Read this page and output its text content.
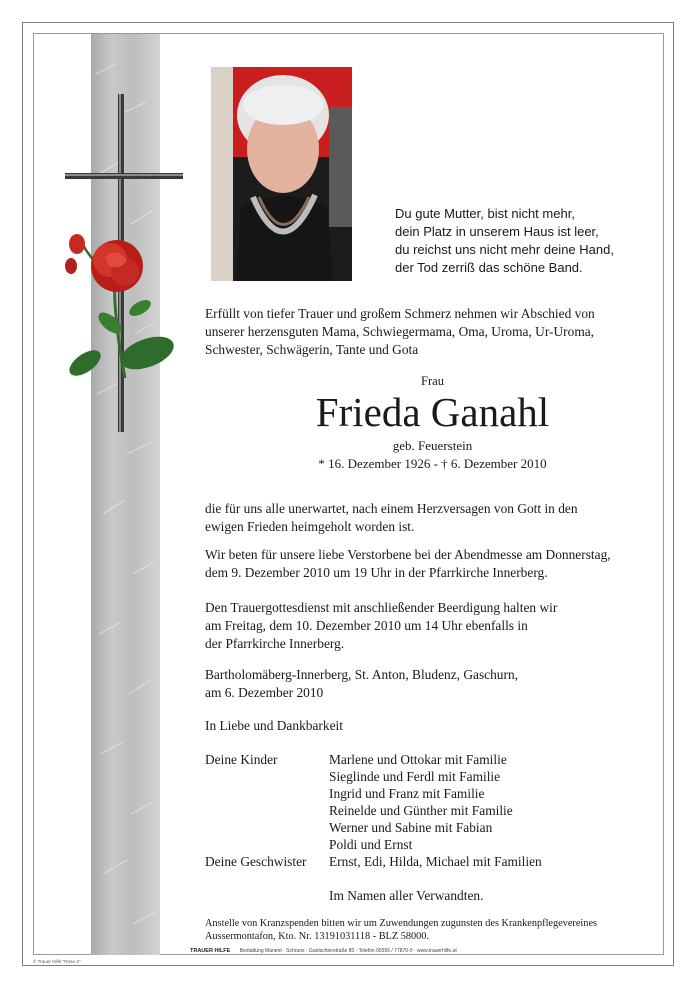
Du gute Mutter, bist nicht mehr,
dein Platz in unserem Haus ist leer,
du reichst uns nicht mehr deine Hand,
der Tod zerriß das schöne Band.
Erfüllt von tiefer Trauer und großem Schmerz nehmen wir Abschied von
unserer herzensguten Mama, Schwiegermama, Oma, Uroma, Ur-Uroma,
Schwester, Schwägerin, Tante und Gota
Frau
Frieda Ganahl
geb. Feuerstein
* 16. Dezember 1926 - † 6. Dezember 2010
die für uns alle unerwartet, nach einem Herzversagen von Gott in den
ewigen Frieden heimgeholt worden ist.
Wir beten für unsere liebe Verstorbene bei der Abendmesse am Donnerstag,
dem 9. Dezember 2010 um 19 Uhr in der Pfarrkirche Innerberg.
Den Trauergottesdienst mit anschließender Beerdigung halten wir
am Freitag, dem 10. Dezember 2010 um 14 Uhr ebenfalls in
der Pfarrkirche Innerberg.
Bartholomäberg-Innerberg, St. Anton, Bludenz, Gaschurn,
am 6. Dezember 2010
In Liebe und Dankbarkeit
Deine Kinder	Marlene und Ottokar mit Familie
Sieglinde und Ferdl mit Familie
Ingrid und Franz mit Familie
Reinelde und Günther mit Familie
Werner und Sabine mit Fabian
Poldi und Ernst
Deine Geschwister	Ernst, Edi, Hilda, Michael mit Familien
Im Namen aller Verwandten.
Anstelle von Kranzspenden bitten wir um Zuwendungen zugunsten des Krankenpflegevereines
Aussermontafon, Kto. Nr. 13191031118 - BLZ 58000.
TRAUER HILFE Bestattung Manent · Schruns · Gantschierstraße 80 · Telefon 05556 / 77870-0 · www.trauerhilfe.at
© Trauer Hilfe "Rose 4"
